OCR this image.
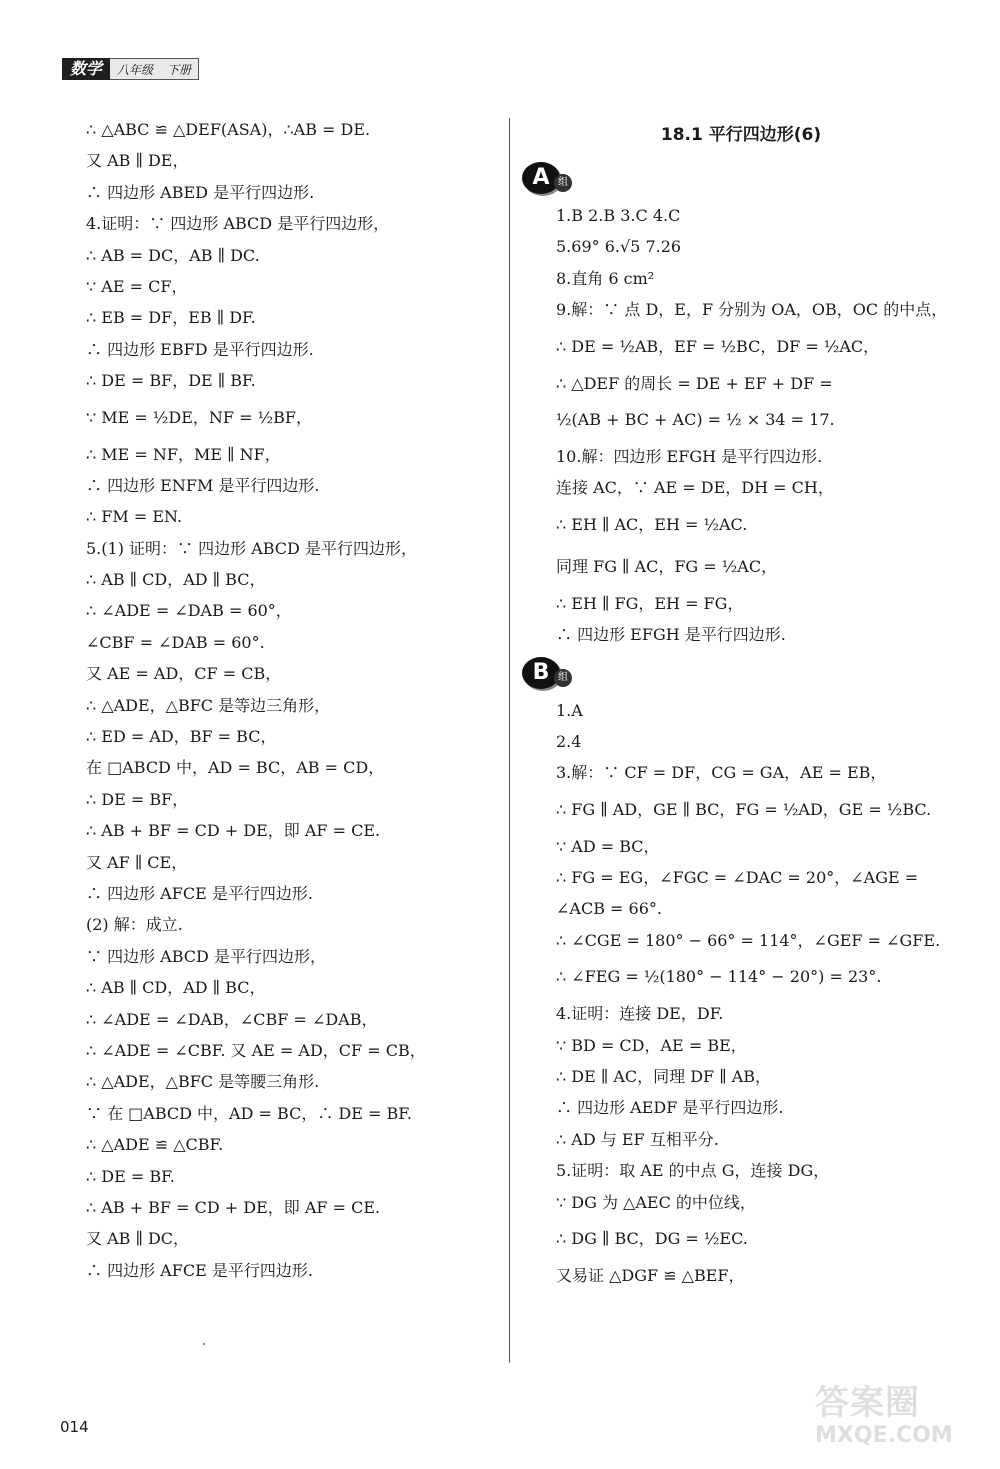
数学	八年级	下册
∴ △ABC ≌ △DEF(ASA)，∴AB = DE.
又 AB ∥ DE，
∴ 四边形 ABED 是平行四边形.
4.证明：∵ 四边形 ABCD 是平行四边形，
∴ AB = DC，AB ∥ DC.
∵ AE = CF，
∴ EB = DF，EB ∥ DF.
∴ 四边形 EBFD 是平行四边形.
∴ DE = BF，DE ∥ BF.
∵ ME = ½DE，NF = ½BF，
∴ ME = NF，ME ∥ NF，
∴ 四边形 ENFM 是平行四边形.
∴ FM = EN.
5.(1) 证明：∵ 四边形 ABCD 是平行四边形，
∴ AB ∥ CD，AD ∥ BC，
∴ ∠ADE = ∠DAB = 60°，
∠CBF = ∠DAB = 60°.
又 AE = AD，CF = CB，
∴ △ADE，△BFC 是等边三角形，
∴ ED = AD，BF = BC，
在 □ABCD 中，AD = BC，AB = CD，
∴ DE = BF，
∴ AB + BF = CD + DE，即 AF = CE.
又 AF ∥ CE，
∴ 四边形 AFCE 是平行四边形.
(2) 解：成立.
∵ 四边形 ABCD 是平行四边形，
∴ AB ∥ CD，AD ∥ BC，
∴ ∠ADE = ∠DAB，∠CBF = ∠DAB，
∴ ∠ADE = ∠CBF. 又 AE = AD，CF = CB，
∴ △ADE，△BFC 是等腰三角形.
∵ 在 □ABCD 中，AD = BC，∴ DE = BF.
∴ △ADE ≌ △CBF.
∴ DE = BF.
∴ AB + BF = CD + DE，即 AF = CE.
又 AB ∥ DC，
∴ 四边形 AFCE 是平行四边形.
18.1 平行四边形(6)
A 组
1.B 2.B 3.C 4.C
5.69° 6.√5 7.26
8.直角 6 cm²
9.解：∵ 点 D，E，F 分别为 OA，OB，OC 的中点，
∴ DE = ½AB，EF = ½BC，DF = ½AC，
∴ △DEF 的周长 = DE + EF + DF =
½(AB + BC + AC) = ½ × 34 = 17.
10.解：四边形 EFGH 是平行四边形.
连接 AC，∵ AE = DE，DH = CH，
∴ EH ∥ AC，EH = ½AC.
同理 FG ∥ AC，FG = ½AC，
∴ EH ∥ FG，EH = FG，
∴ 四边形 EFGH 是平行四边形.
B 组
1.A
2.4
3.解：∵ CF = DF，CG = GA，AE = EB，
∴ FG ∥ AD，GE ∥ BC，FG = ½AD，GE = ½BC.
∵ AD = BC，
∴ FG = EG，∠FGC = ∠DAC = 20°，∠AGE =
∠ACB = 66°.
∴ ∠CGE = 180° − 66° = 114°，∠GEF = ∠GFE.
∴ ∠FEG = ½(180° − 114° − 20°) = 23°.
4.证明：连接 DE，DF.
∵ BD = CD，AE = BE，
∴ DE ∥ AC，同理 DF ∥ AB，
∴ 四边形 AEDF 是平行四边形.
∴ AD 与 EF 互相平分.
5.证明：取 AE 的中点 G，连接 DG，
∵ DG 为 △AEC 的中位线，
∴ DG ∥ BC，DG = ½EC.
又易证 △DGF ≌ △BEF，
014
答案圈
MXQE.COM
